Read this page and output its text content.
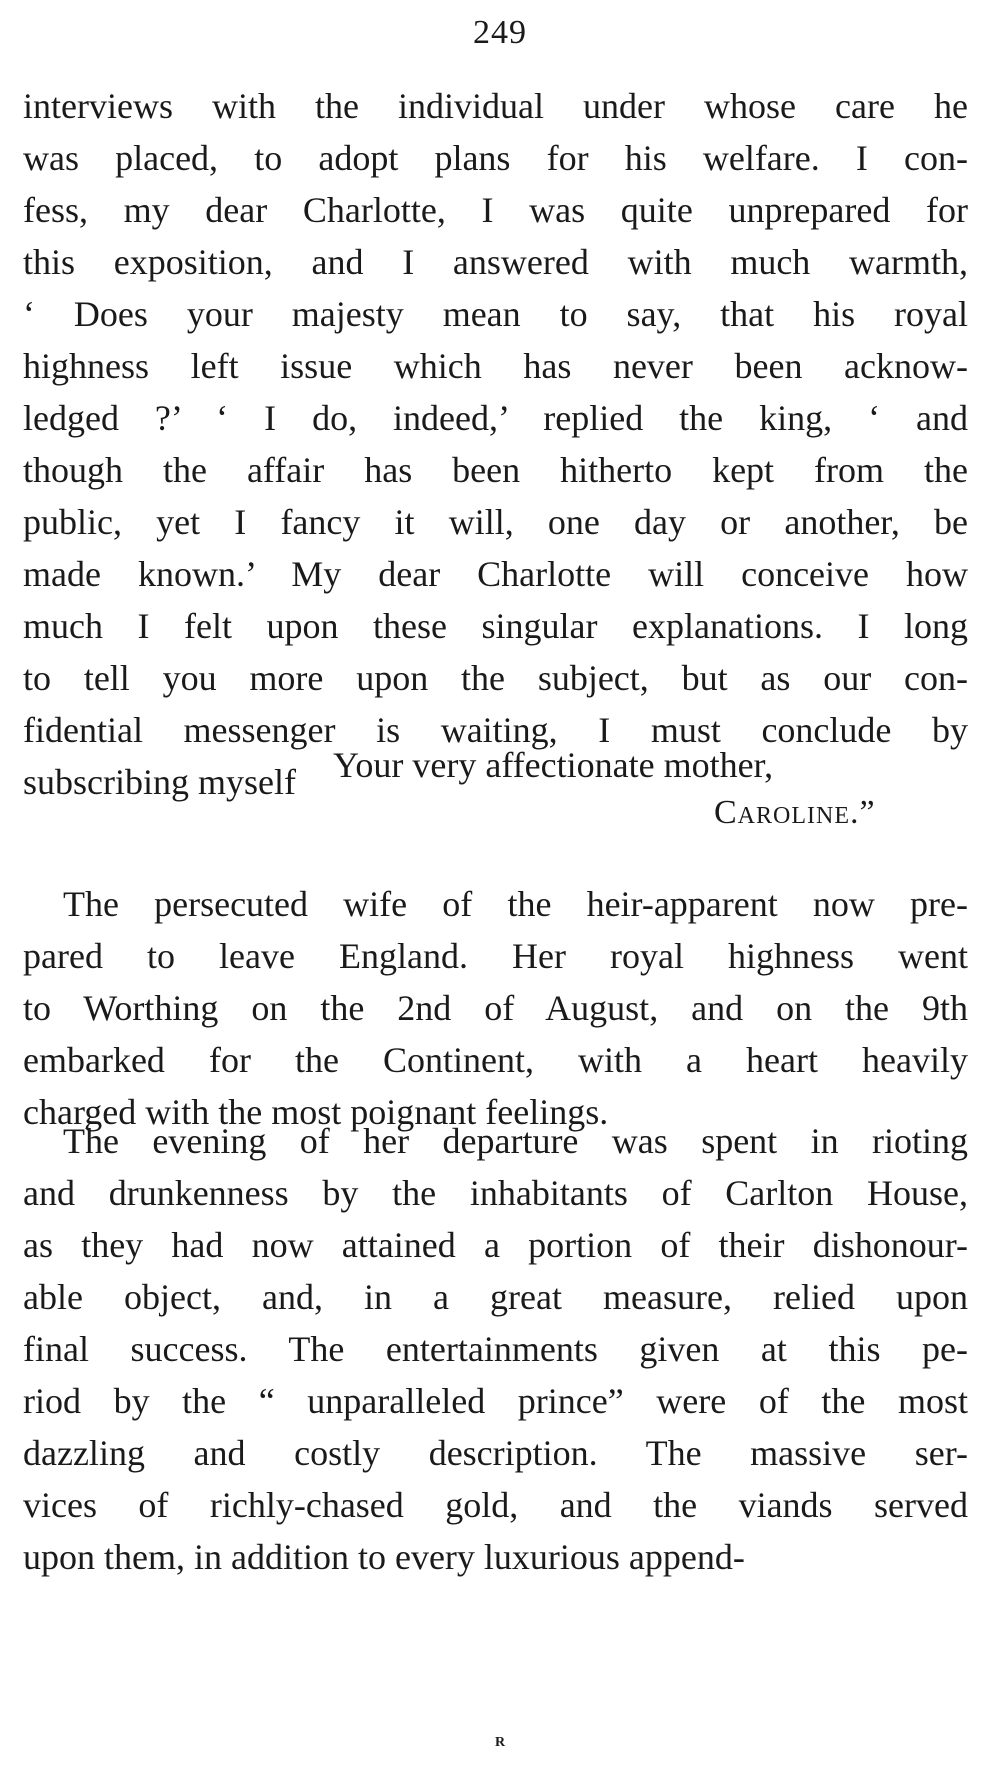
249
interviews with the individual under whose care he
was placed, to adopt plans for his welfare. I con-
fess, my dear Charlotte, I was quite unprepared for
this exposition, and I answered with much warmth,
‘ Does your majesty mean to say, that his royal
highness left issue which has never been acknow-
ledged ?’ ‘ I do, indeed,’ replied the king, ‘ and
though the affair has been hitherto kept from the
public, yet I fancy it will, one day or another, be
made known.’ My dear Charlotte will conceive how
much I felt upon these singular explanations. I long
to tell you more upon the subject, but as our con-
fidential messenger is waiting, I must conclude by
subscribing myself	Your very affectionate mother,
Caroline.”
The persecuted wife of the heir-apparent now pre-
pared to leave England. Her royal highness went
to Worthing on the 2nd of August, and on the 9th
embarked for the Continent, with a heart heavily
charged with the most poignant feelings.
The evening of her departure was spent in rioting
and drunkenness by the inhabitants of Carlton House,
as they had now attained a portion of their dishonour-
able object, and, in a great measure, relied upon
final success. The entertainments given at this pe-
riod by the “ unparalleled prince” were of the most
dazzling and costly description. The massive ser-
vices of richly-chased gold, and the viands served
upon them, in addition to every luxurious append-
R
